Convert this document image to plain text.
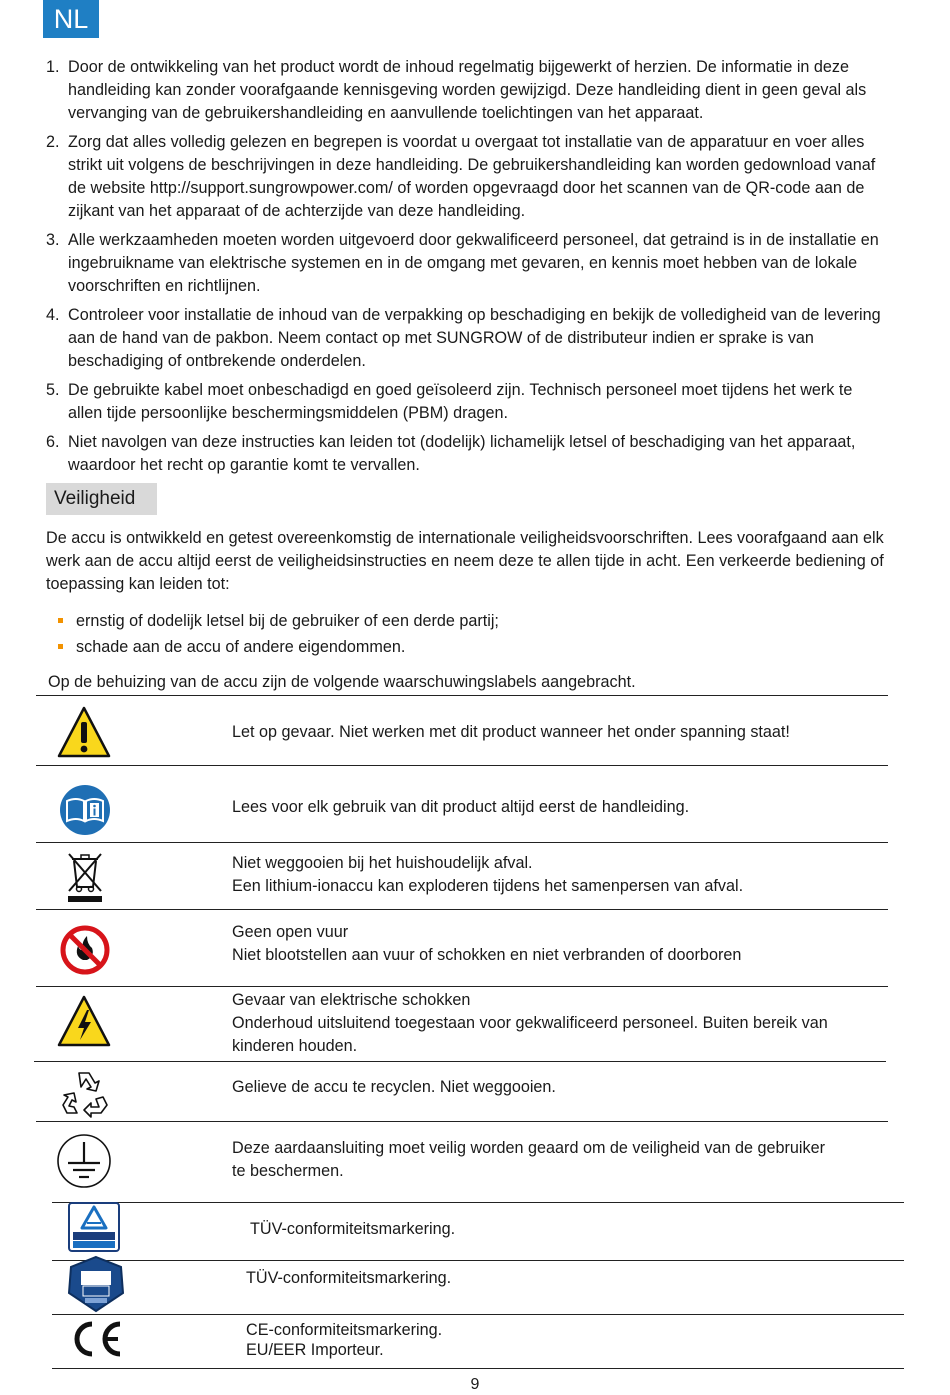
NL
1. Door de ontwikkeling van het product wordt de inhoud regelmatig bijgewerkt of herzien. De informatie in deze handleiding kan zonder voorafgaande kennisgeving worden gewijzigd. Deze handleiding dient in geen geval als vervanging van de gebruikershandleiding en aanvullende toelichtingen van het apparaat.
2. Zorg dat alles volledig gelezen en begrepen is voordat u overgaat tot installatie van de apparatuur en voer alles strikt uit volgens de beschrijvingen in deze handleiding. De gebruikershandleiding kan worden gedownload vanaf de website http://support.sungrowpower.com/ of worden opgevraagd door het scannen van de QR-code aan de zijkant van het apparaat of de achterzijde van deze handleiding.
3. Alle werkzaamheden moeten worden uitgevoerd door gekwalificeerd personeel, dat getraind is in de installatie en ingebruikname van elektrische systemen en in de omgang met gevaren, en kennis moet hebben van de lokale voorschriften en richtlijnen.
4. Controleer voor installatie de inhoud van de verpakking op beschadiging en bekijk de volledigheid van de levering aan de hand van de pakbon. Neem contact op met SUNGROW of de distributeur indien er sprake is van beschadiging of ontbrekende onderdelen.
5. De gebruikte kabel moet onbeschadigd en goed geïsoleerd zijn. Technisch personeel moet tijdens het werk te allen tijde persoonlijke beschermingsmiddelen (PBM) dragen.
6. Niet navolgen van deze instructies kan leiden tot (dodelijk) lichamelijk letsel of beschadiging van het apparaat, waardoor het recht op garantie komt te vervallen.
Veiligheid

De accu is ontwikkeld en getest overeenkomstig de internationale veiligheidsvoorschriften. Lees voorafgaand aan elk werk aan de accu altijd eerst de veiligheidsinstructies en neem deze te allen tijde in acht. Een verkeerde bediening of toepassing kan leiden tot:

ernstig of dodelijk letsel bij de gebruiker of een derde partij;
schade aan de accu of andere eigendommen.

Op de behuizing van de accu zijn de volgende waarschuwingslabels aangebracht.

Let op gevaar. Niet werken met dit product wanneer het onder spanning staat!
Lees voor elk gebruik van dit product altijd eerst de handleiding.
Niet weggooien bij het huishoudelijk afval.
Een lithium-ionaccu kan exploderen tijdens het samenpersen van afval.
Geen open vuur
Niet blootstellen aan vuur of schokken en niet verbranden of doorboren
Gevaar van elektrische schokken
Onderhoud uitsluitend toegestaan voor gekwalificeerd personeel. Buiten bereik van
kinderen houden.
Gelieve de accu te recyclen. Niet weggooien.
Deze aardaansluiting moet veilig worden geaard om de veiligheid van de gebruiker
te beschermen.
TÜV-conformiteitsmarkering.
TÜV-conformiteitsmarkering.
CE-conformiteitsmarkering.
EU/EER Importeur.
9
